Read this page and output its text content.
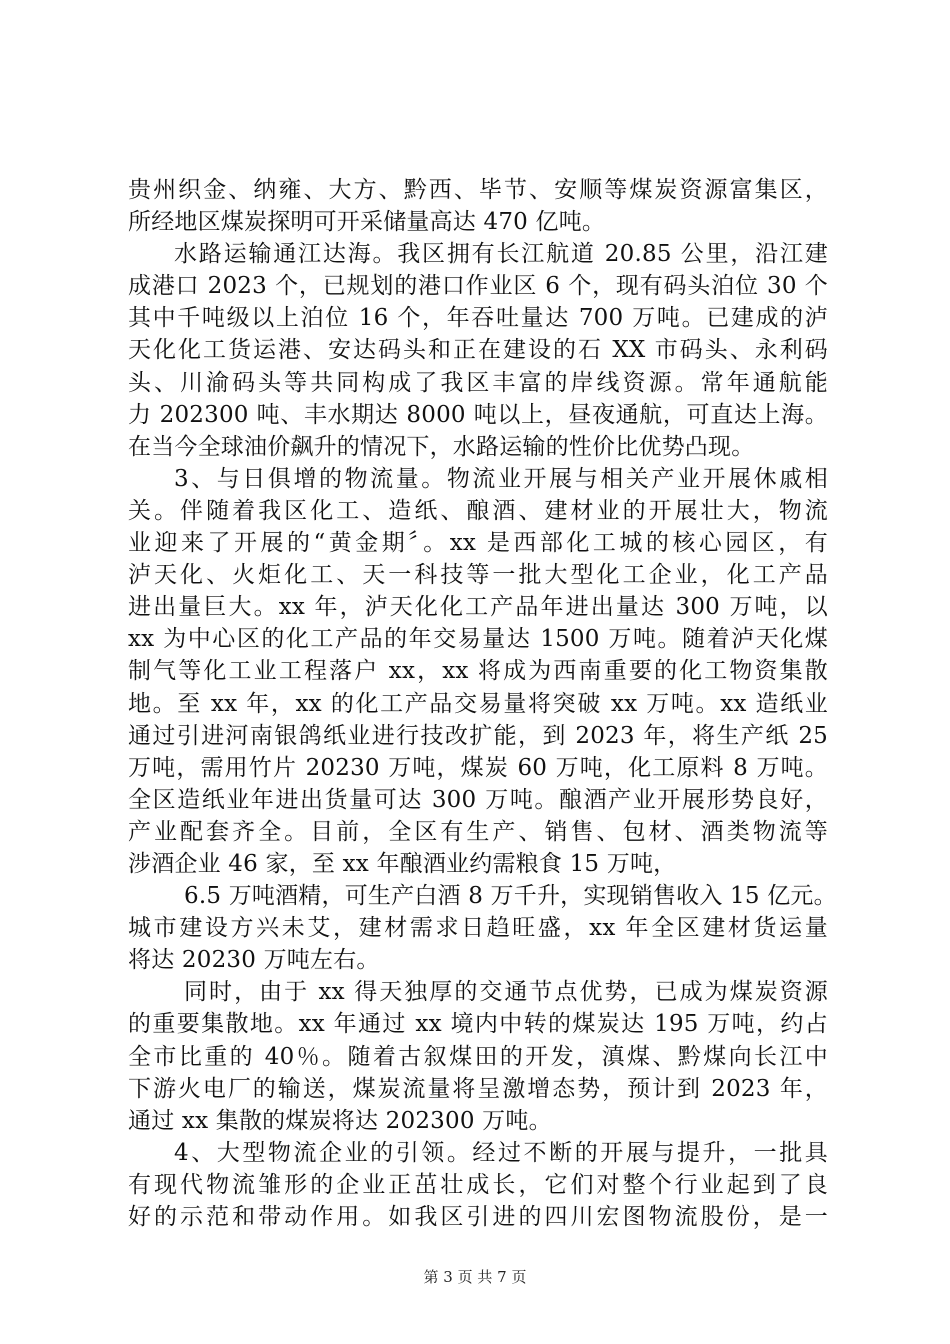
贵州织金、纳雍、大方、黔西、毕节、安顺等煤炭资源富集区，
所经地区煤炭探明可开采储量高达 470 亿吨。
水路运输通江达海。我区拥有长江航道 20.85 公里，沿江建
成港口 2023 个，已规划的港口作业区 6 个，现有码头泊位 30 个
其中千吨级以上泊位 16 个，年吞吐量达 700 万吨。已建成的泸
天化化工货运港、安达码头和正在建设的石 XX 市码头、永利码
头、川渝码头等共同构成了我区丰富的岸线资源。常年通航能
力 202300 吨、丰水期达 8000 吨以上，昼夜通航，可直达上海。
在当今全球油价飙升的情况下，水路运输的性价比优势凸现。
3、与日俱增的物流量。物流业开展与相关产业开展休戚相
关。伴随着我区化工、造纸、酿酒、建材业的开展壮大，物流
业迎来了开展的“黄金期〞。xx 是西部化工城的核心园区，有
泸天化、火炬化工、天一科技等一批大型化工企业，化工产品
进出量巨大。xx 年，泸天化化工产品年进出量达 300 万吨，以
xx 为中心区的化工产品的年交易量达 1500 万吨。随着泸天化煤
制气等化工业工程落户 xx，xx 将成为西南重要的化工物资集散
地。至 xx 年，xx 的化工产品交易量将突破 xx 万吨。xx 造纸业
通过引进河南银鸽纸业进行技改扩能，到 2023 年，将生产纸 25
万吨，需用竹片 20230 万吨，煤炭 60 万吨，化工原料 8 万吨。
全区造纸业年进出货量可达 300 万吨。酿酒产业开展形势良好，
产业配套齐全。目前，全区有生产、销售、包材、酒类物流等
涉酒企业 46 家，至 xx 年酿酒业约需粮食 15 万吨，
6.5 万吨酒精，可生产白酒 8 万千升，实现销售收入 15 亿元。
城市建设方兴未艾，建材需求日趋旺盛，xx 年全区建材货运量
将达 20230 万吨左右。
同时，由于 xx 得天独厚的交通节点优势，已成为煤炭资源
的重要集散地。xx 年通过 xx 境内中转的煤炭达 195 万吨，约占
全市比重的 40％。随着古叙煤田的开发，滇煤、黔煤向长江中
下游火电厂的输送，煤炭流量将呈激增态势，预计到 2023 年，
通过 xx 集散的煤炭将达 202300 万吨。
4、大型物流企业的引领。经过不断的开展与提升，一批具
有现代物流雏形的企业正茁壮成长，它们对整个行业起到了良
好的示范和带动作用。如我区引进的四川宏图物流股份，是一
第 3 页 共 7 页
